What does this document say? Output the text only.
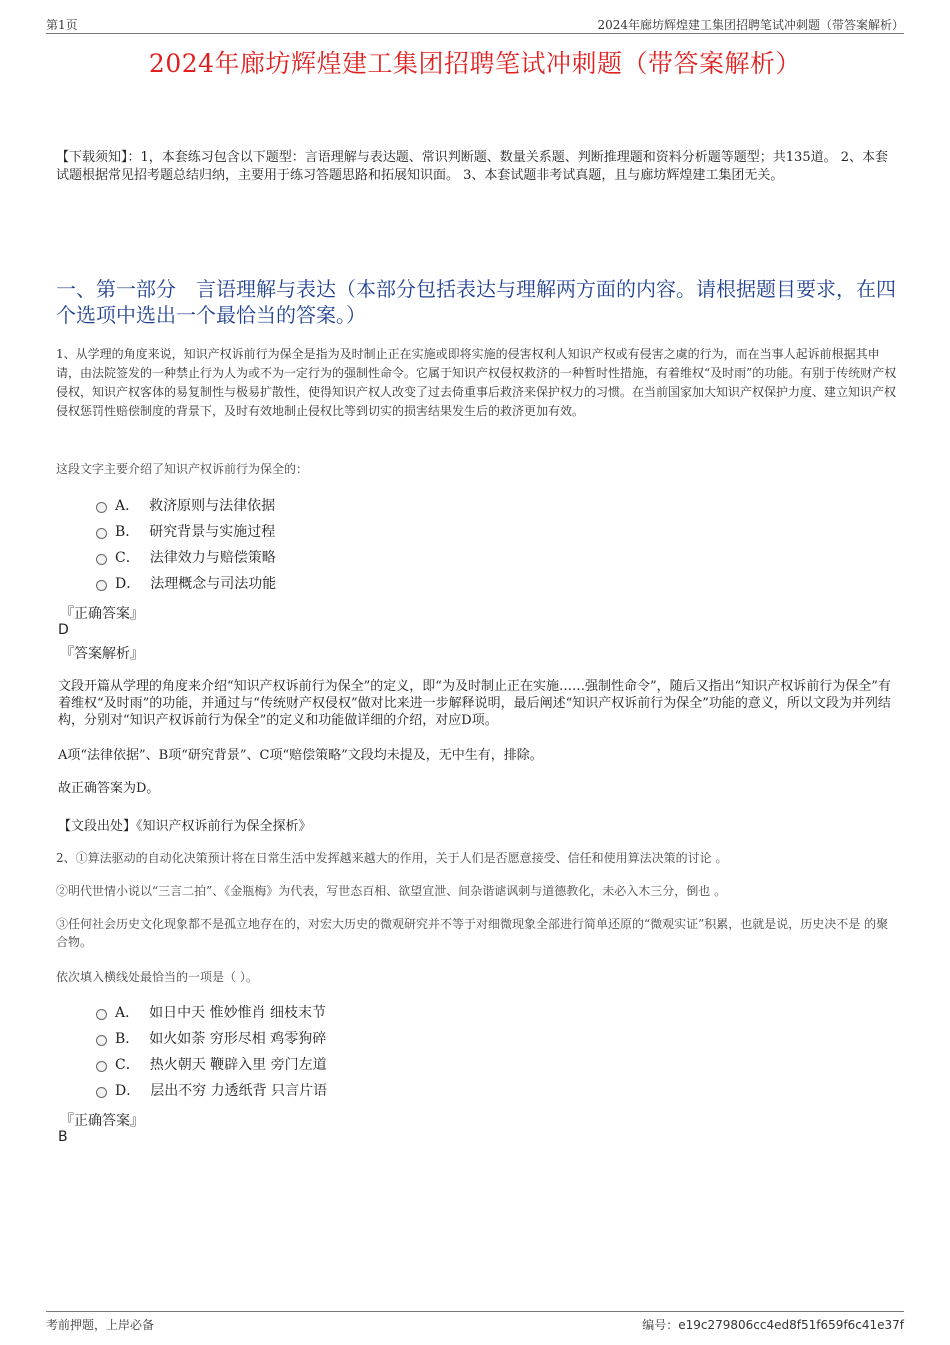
第1页	2024年廊坊辉煌建工集团招聘笔试冲刺题（带答案解析）
2024年廊坊辉煌建工集团招聘笔试冲刺题（带答案解析）
【下载须知】：1，本套练习包含以下题型：言语理解与表达题、常识判断题、数量关系题、判断推理题和资料分析题等题型；共135道。 2、本套试题根据常见招考题总结归纳，主要用于练习答题思路和拓展知识面。 3、本套试题非考试真题，且与廊坊辉煌建工集团无关。
一、第一部分　言语理解与表达（本部分包括表达与理解两方面的内容。请根据题目要求，在四个选项中选出一个最恰当的答案。）
1、从学理的角度来说，知识产权诉前行为保全是指为及时制止正在实施或即将实施的侵害权利人知识产权或有侵害之虞的行为，而在当事人起诉前根据其申请，由法院签发的一种禁止行为人为或不为一定行为的强制性命令。它属于知识产权侵权救济的一种暂时性措施，有着维权“及时雨”的功能。有别于传统财产权侵权，知识产权客体的易复制性与极易扩散性，使得知识产权人改变了过去倚重事后救济来保护权力的习惯。在当前国家加大知识产权保护力度、建立知识产权侵权惩罚性赔偿制度的背景下，及时有效地制止侵权比等到切实的损害结果发生后的救济更加有效。
这段文字主要介绍了知识产权诉前行为保全的：
A． 救济原则与法律依据
B． 研究背景与实施过程
C． 法律效力与赔偿策略
D． 法理概念与司法功能
『正确答案』
D
『答案解析』
文段开篇从学理的角度来介绍“知识产权诉前行为保全”的定义，即“为及时制止正在实施……强制性命令”，随后又指出“知识产权诉前行为保全”有着维权“及时雨”的功能，并通过与“传统财产权侵权”做对比来进一步解释说明，最后阐述“知识产权诉前行为保全”功能的意义，所以文段为并列结构，分别对“知识产权诉前行为保全”的定义和功能做详细的介绍，对应D项。
A项“法律依据”、B项“研究背景”、C项“赔偿策略”文段均未提及，无中生有，排除。
故正确答案为D。
【文段出处】《知识产权诉前行为保全探析》
2、①算法驱动的自动化决策预计将在日常生活中发挥越来越大的作用，关于人们是否愿意接受、信任和使用算法决策的讨论 。
②明代世情小说以“三言二拍”、《金瓶梅》为代表，写世态百相、欲望宣泄、间杂谐谑讽刺与道德教化，未必入木三分，倒也 。
③任何社会历史文化现象都不是孤立地存在的，对宏大历史的微观研究并不等于对细微现象全部进行简单还原的“微观实证”积累，也就是说，历史决不是 的聚合物。
依次填入横线处最恰当的一项是（ ）。
A． 如日中天 惟妙惟肖 细枝末节
B． 如火如荼 穷形尽相 鸡零狗碎
C． 热火朝天 鞭辟入里 旁门左道
D． 层出不穷 力透纸背 只言片语
『正确答案』
B
考前押题，上岸必备	编号：e19c279806cc4ed8f51f659f6c41e37f
